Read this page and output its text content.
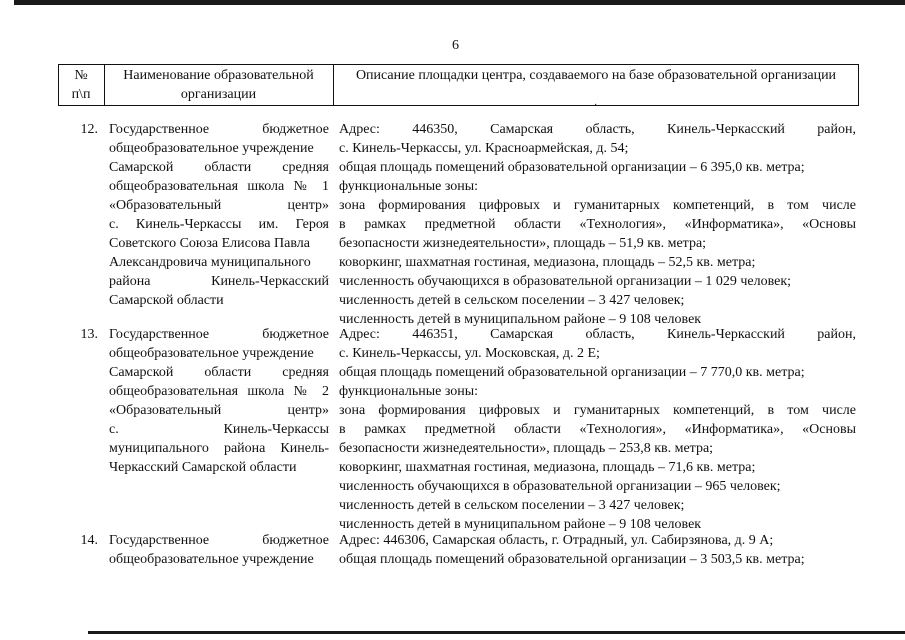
6
№
п\п
Наименование образовательной
организации
Описание площадки центра, создаваемого на базе образовательной организации
·
12. Государственное бюджетное
общеобразовательное учреждение
Самарской области средняя
общеобразовательная школа № 1
«Образовательный центр»
с. Кинель-Черкассы им. Героя
Советского Союза Елисова Павла
Александровича муниципального
района Кинель-Черкасский
Самарской области
Адрес: 446350, Самарская область, Кинель-Черкасский район,
с. Кинель-Черкассы, ул. Красноармейская, д. 54;
общая площадь помещений образовательной организации – 6 395,0 кв. метра;
функциональные зоны:
зона формирования цифровых и гуманитарных компетенций, в том числе
в рамках предметной области «Технология», «Информатика», «Основы
безопасности жизнедеятельности», площадь – 51,9 кв. метра;
коворкинг, шахматная гостиная, медиазона, площадь – 52,5 кв. метра;
численность обучающихся в образовательной организации – 1 029 человек;
численность детей в сельском поселении – 3 427 человек;
численность детей в муниципальном районе – 9 108 человек
13. Государственное бюджетное
общеобразовательное учреждение
Самарской области средняя
общеобразовательная школа № 2
«Образовательный центр»
с. Кинель-Черкассы
муниципального района Кинель-
Черкасский Самарской области
Адрес: 446351, Самарская область, Кинель-Черкасский район,
с. Кинель-Черкассы, ул. Московская, д. 2 Е;
общая площадь помещений образовательной организации – 7 770,0 кв. метра;
функциональные зоны:
зона формирования цифровых и гуманитарных компетенций, в том числе
в рамках предметной области «Технология», «Информатика», «Основы
безопасности жизнедеятельности», площадь – 253,8 кв. метра;
коворкинг, шахматная гостиная, медиазона, площадь – 71,6 кв. метра;
численность обучающихся в образовательной организации – 965 человек;
численность детей в сельском поселении – 3 427 человек;
численность детей в муниципальном районе – 9 108 человек
14. Государственное бюджетное
общеобразовательное учреждение
Адрес: 446306, Самарская область, г. Отрадный, ул. Сабирзянова, д. 9 А;
общая площадь помещений образовательной организации – 3 503,5 кв. метра;
